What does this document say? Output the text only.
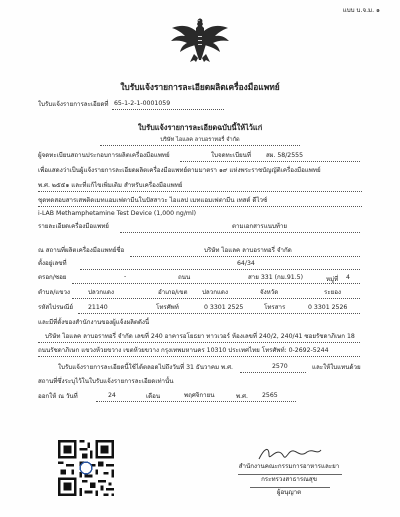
แบบ บ.จ.ม. ๑
ใบรับแจ้งรายการละเอียดผลิตเครื่องมือแพทย์
ใบรับแจ้งรายการละเอียดที่ 65-1-2-1-0001059
ใบรับแจ้งรายการละเอียดฉบับนี้ให้ไว้แก่
บริษัท ไอแลค ลาบอราทอรี่ จำกัด
ผู้จดทะเบียนสถานประกอบการผลิตเครื่องมือแพทย์	ใบจดทะเบียนที่ สผ. 58/2555
เพื่อแสดงว่าเป็นผู้แจ้งรายการละเอียดผลิตเครื่องมือแพทย์ตามมาตรา ๑๙ แห่งพระราชบัญญัติเครื่องมือแพทย์
พ.ศ. ๒๕๕๑ และที่แก้ไขเพิ่มเติม สำหรับเครื่องมือแพทย์
ชุดทดสอบสารเสพติดเมทแอมเฟตามีนในปัสสาวะ ไอแลป เมทแอมเฟตามีน เทสต์ ดีไวซ์
i-LAB Methamphetamine Test Device (1,000 ng/ml)
รายละเอียดเครื่องมือแพทย์	ตามเอกสารแนบท้าย
ณ สถานที่ผลิตเครื่องมือแพทย์ชื่อ	บริษัท ไอแลค ลาบอราทอรี่ จำกัด
ตั้งอยู่เลขที่	64/34
ตรอก/ซอย	-	ถนน	สาย 331 (กม.91.5)	หมู่ที่ 4
ตำบล/แขวง	ปลวกแดง	อำเภอ/เขต ปลวกแดง	จังหวัด	ระยอง
รหัสไปรษณีย์ 21140	โทรศัพท์	0 3301 2525	โทรสาร	0 3301 2526
และมีที่ตั้งของสำนักงานของผู้แจ้งผลิตดังนี้
บริษัท ไอแลค ลาบอราทอรี่ จำกัด เลขที่ 240 อาคารอโยธยา ทาวเวอร์ ห้องเลขที่ 240/2, 240/41 ซอยรัชดาภิเษก 18
ถนนรัชดาภิเษก แขวงห้วยขวาง เขตห้วยขวาง กรุงเทพมหานคร 10310 ประเทศไทย โทรศัพท์: 0-2692-5244
ใบรับแจ้งรายการละเอียดนี้ใช้ได้ตลอดไปถึงวันที่ 31 ธันวาคม พ.ศ.	2570	และให้ใบแทนด้วย
สถานที่ซึ่งระบุไว้ในใบรับแจ้งรายการละเอียดเท่านั้น
ออกให้ ณ วันที่	24	เดือน	พฤศจิกายน	พ.ศ. 2565
สำนักงานคณะกรรมการอาหารและยา
กระทรวงสาธารณสุข
ผู้อนุญาต
